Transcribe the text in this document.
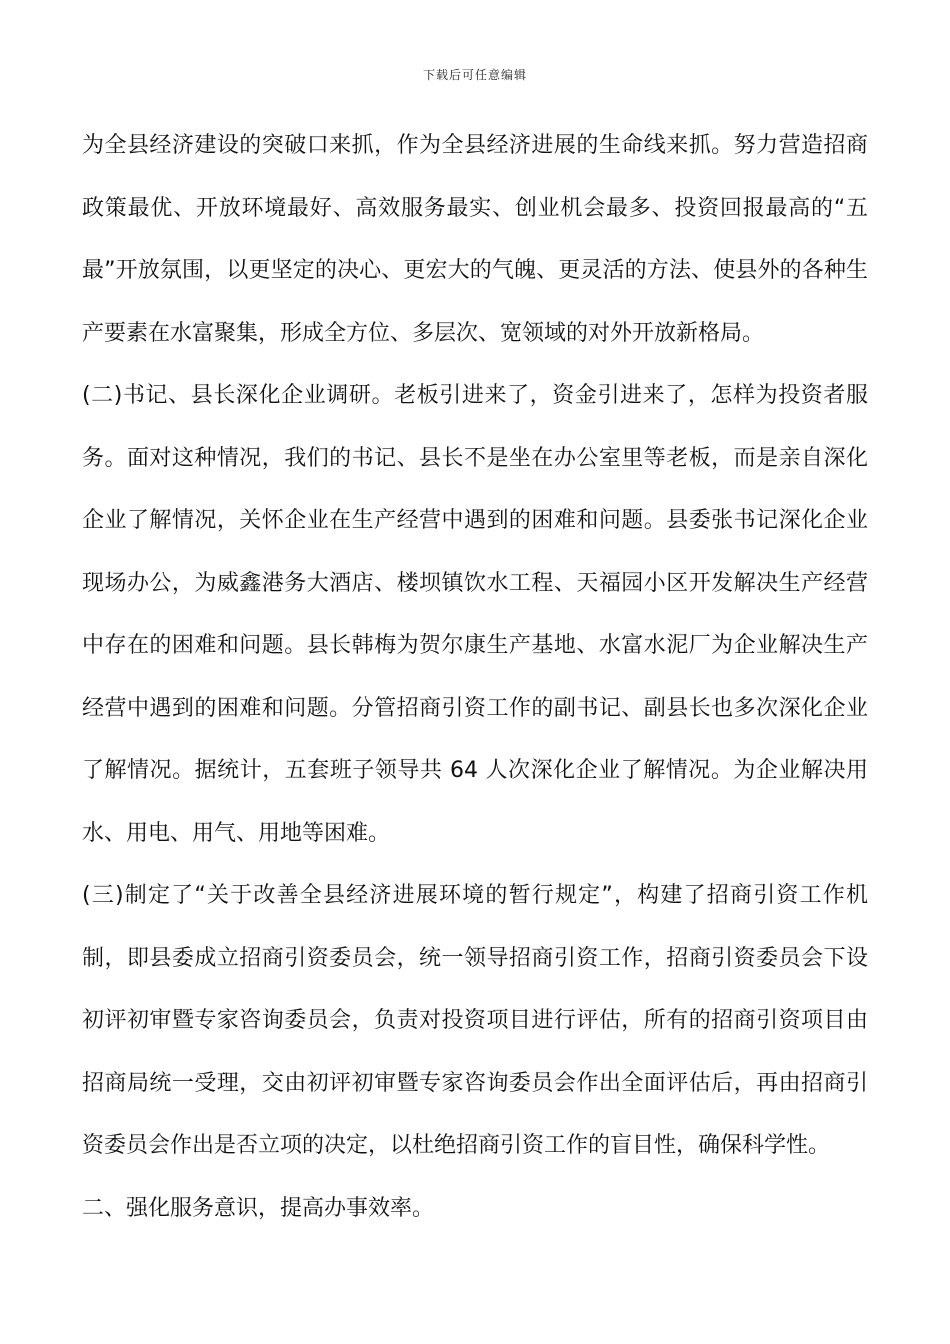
下载后可任意编辑

为全县经济建设的突破口来抓，作为全县经济进展的生命线来抓。努力营造招商政策最优、开放环境最好、高效服务最实、创业机会最多、投资回报最高的“五最”开放氛围，以更坚定的决心、更宏大的气魄、更灵活的方法、使县外的各种生产要素在水富聚集，形成全方位、多层次、宽领域的对外开放新格局。

(二)书记、县长深化企业调研。老板引进来了，资金引进来了，怎样为投资者服务。面对这种情况，我们的书记、县长不是坐在办公室里等老板，而是亲自深化企业了解情况，关怀企业在生产经营中遇到的困难和问题。县委张书记深化企业现场办公，为威鑫港务大酒店、楼坝镇饮水工程、天福园小区开发解决生产经营中存在的困难和问题。县长韩梅为贺尔康生产基地、水富水泥厂为企业解决生产经营中遇到的困难和问题。分管招商引资工作的副书记、副县长也多次深化企业了解情况。据统计，五套班子领导共 64 人次深化企业了解情况。为企业解决用水、用电、用气、用地等困难。

(三)制定了“关于改善全县经济进展环境的暂行规定”，构建了招商引资工作机制，即县委成立招商引资委员会，统一领导招商引资工作，招商引资委员会下设初评初审暨专家咨询委员会，负责对投资项目进行评估，所有的招商引资项目由招商局统一受理，交由初评初审暨专家咨询委员会作出全面评估后，再由招商引资委员会作出是否立项的决定，以杜绝招商引资工作的盲目性，确保科学性。

二、强化服务意识，提高办事效率。
